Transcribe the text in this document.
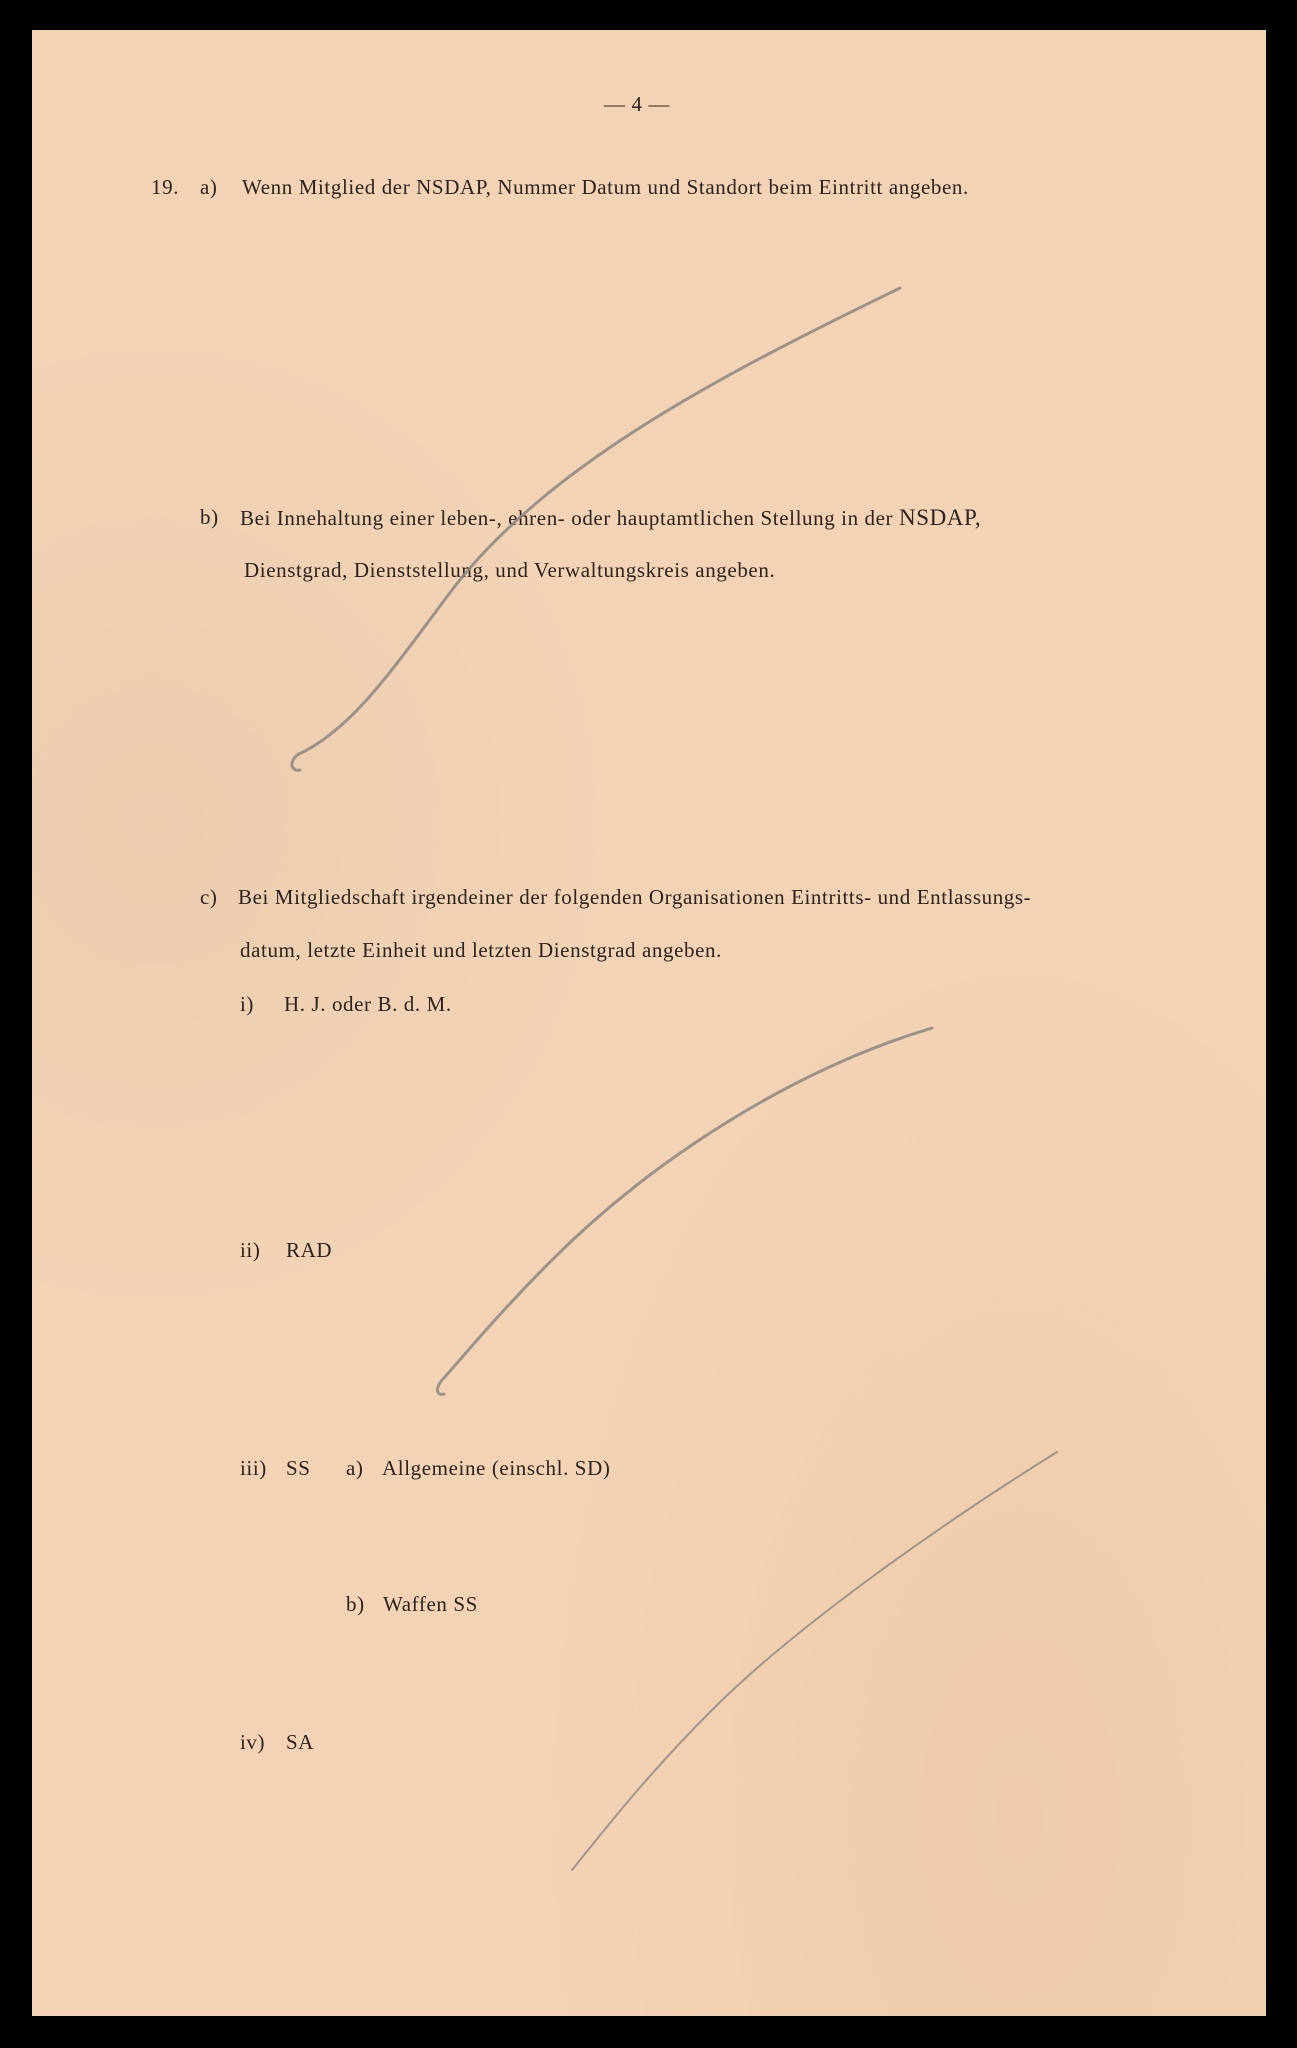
— 4 —
19. a) Wenn Mitglied der NSDAP, Nummer Datum und Standort beim Eintritt angeben.
b) Bei Innehaltung einer leben-, ehren- oder hauptamtlichen Stellung in der NSDAP,
Dienstgrad, Dienststellung, und Verwaltungskreis angeben.
c) Bei Mitgliedschaft irgendeiner der folgenden Organisationen Eintritts- und Entlassungs-
datum, letzte Einheit und letzten Dienstgrad angeben.
i) H. J. oder B. d. M.
ii) RAD
iii) SS a) Allgemeine (einschl. SD)
b) Waffen SS
iv) SA
